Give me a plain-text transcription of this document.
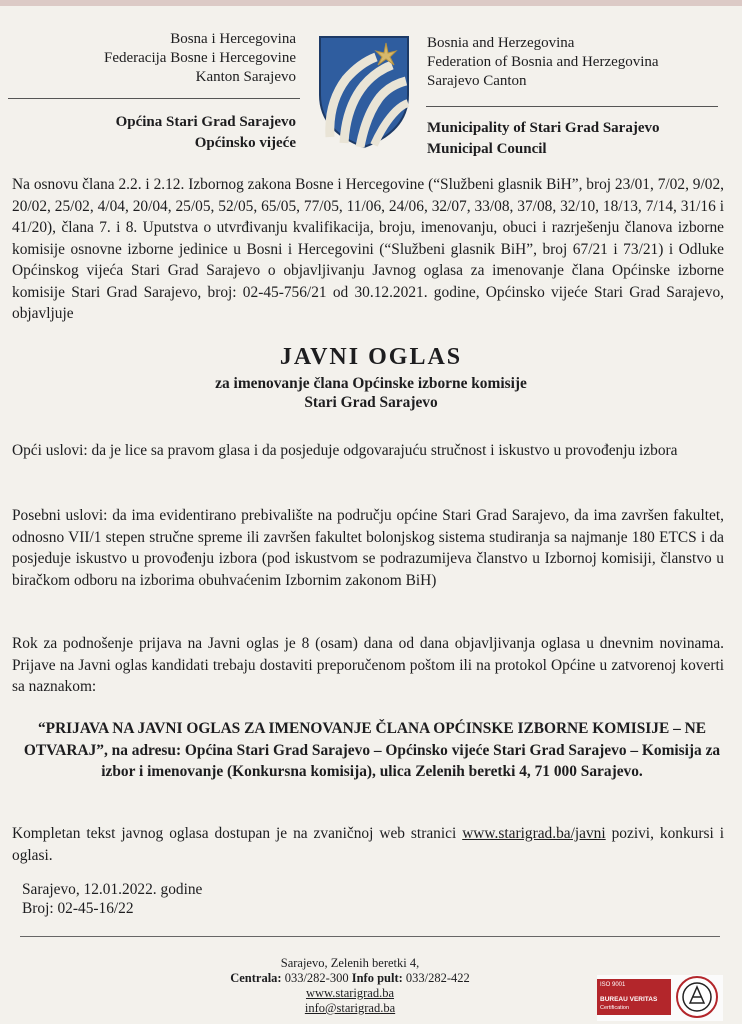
Bosna i Hercegovina
Federacija Bosne i Hercegovine
Kanton Sarajevo
Bosnia and Herzegovina
Federation of Bosnia and Herzegovina
Sarajevo Canton
Općina Stari Grad Sarajevo
Općinsko vijeće
Municipality of Stari Grad Sarajevo
Municipal Council
Na osnovu člana 2.2. i 2.12. Izbornog zakona Bosne i Hercegovine (“Službeni glasnik BiH”, broj 23/01, 7/02, 9/02, 20/02, 25/02, 4/04, 20/04, 25/05, 52/05, 65/05, 77/05, 11/06, 24/06, 32/07, 33/08, 37/08, 32/10, 18/13, 7/14, 31/16 i 41/20), člana 7. i 8. Uputstva o utvrđivanju kvalifikacija, broju, imenovanju, obuci i razrješenju članova izborne komisije osnovne izborne jedinice u Bosni i Hercegovini (“Službeni glasnik BiH”, broj 67/21 i 73/21) i Odluke Općinskog vijeća Stari Grad Sarajevo o objavljivanju Javnog oglasa za imenovanje člana Općinske izborne komisije Stari Grad Sarajevo, broj: 02-45-756/21 od 30.12.2021. godine, Općinsko vijeće Stari Grad Sarajevo, objavljuje
JAVNI OGLAS
za imenovanje člana Općinske izborne komisije
Stari Grad Sarajevo
Opći uslovi: da je lice sa pravom glasa i da posjeduje odgovarajuću stručnost i iskustvo u provođenju izbora
Posebni uslovi: da ima evidentirano prebivalište na području općine Stari Grad Sarajevo, da ima završen fakultet, odnosno VII/1 stepen stručne spreme ili završen fakultet bolonjskog sistema studiranja sa najmanje 180 ETCS i da posjeduje iskustvo u provođenju izbora (pod iskustvom se podrazumijeva članstvo u Izbornoj komisiji, članstvo u biračkom odboru na izborima obuhvaćenim Izbornim zakonom BiH)
Rok za podnošenje prijava na Javni oglas je 8 (osam) dana od dana objavljivanja oglasa u dnevnim novinama. Prijave na Javni oglas kandidati trebaju dostaviti preporučenom poštom ili na protokol Općine u zatvorenoj koverti sa naznakom:
“PRIJAVA NA JAVNI OGLAS ZA IMENOVANJE ČLANA OPĆINSKE IZBORNE KOMISIJE – NE OTVARAJ”, na adresu: Općina Stari Grad Sarajevo – Općinsko vijeće Stari Grad Sarajevo – Komisija za izbor i imenovanje (Konkursna komisija), ulica Zelenih beretki 4, 71 000 Sarajevo.
Kompletan tekst javnog oglasa dostupan je na zvaničnoj web stranici www.starigrad.ba/javni pozivi, konkursi i oglasi.
Sarajevo, 12.01.2022. godine
Broj: 02-45-16/22
Sarajevo, Zelenih beretki 4,
Centrala: 033/282-300 Info pult: 033/282-422
www.starigrad.ba
info@starigrad.ba
ISO 9001
BUREAU VERITAS
Certification
